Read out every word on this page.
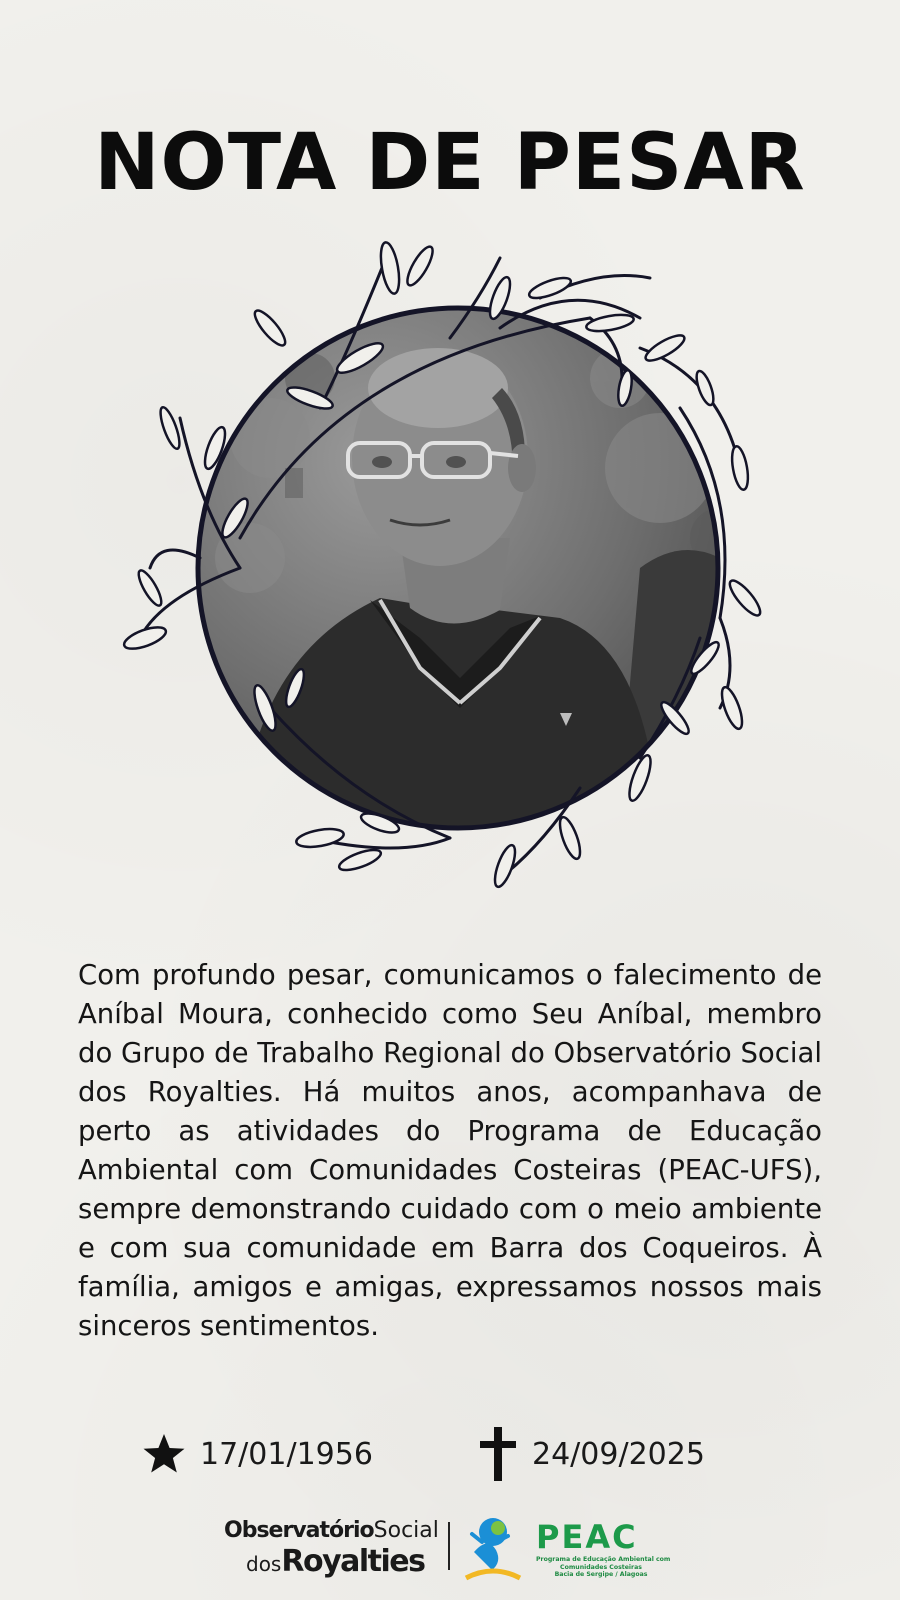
NOTA DE PESAR

Com profundo pesar, comunicamos o falecimento de Aníbal Moura, conhecido como Seu Aníbal, membro do Grupo de Trabalho Regional do Observatório Social dos Royalties. Há muitos anos, acompanhava de perto as atividades do Programa de Educação Ambiental com Comunidades Costeiras (PEAC-UFS), sempre demonstrando cuidado com o meio ambiente e com sua comunidade em Barra dos Coqueiros. À família, amigos e amigas, expressamos nossos mais sinceros sentimentos.

17/01/1956	24/09/2025
ObservatórioSocial
dosRoyalties
PEAC
Programa de Educação Ambiental com
Comunidades Costeiras
Bacia de Sergipe / Alagoas
